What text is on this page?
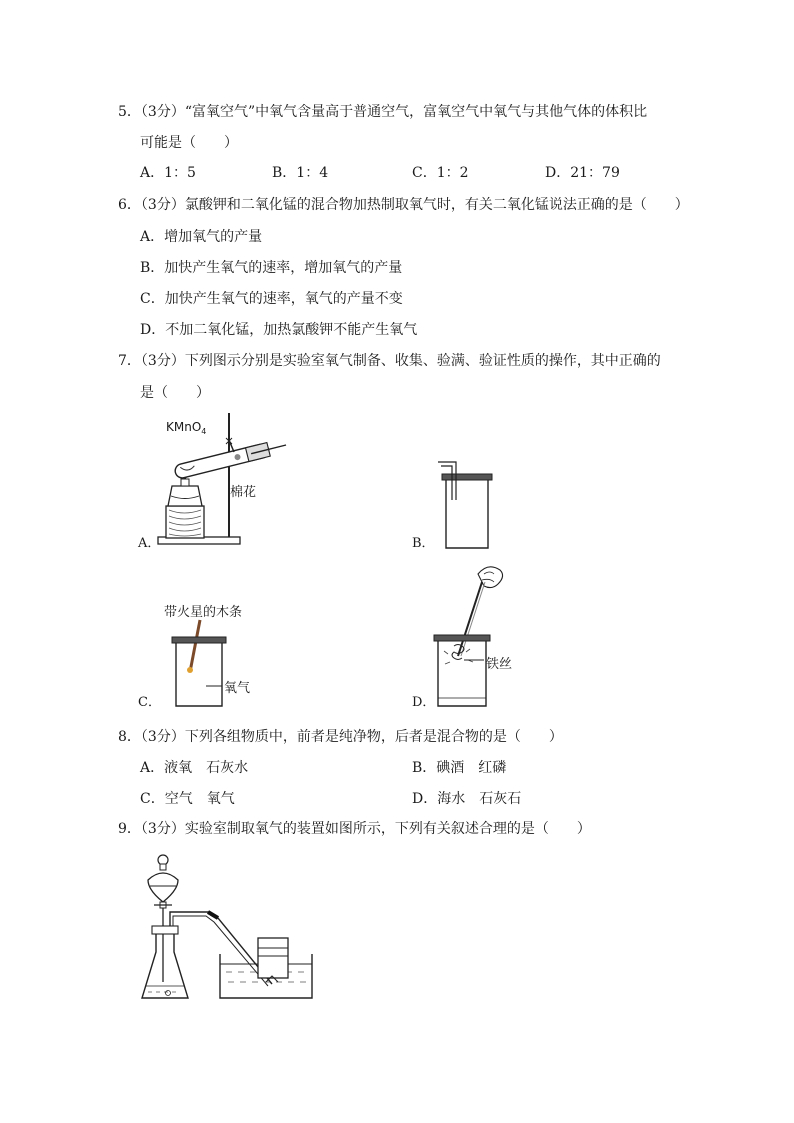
5．（3分）“富氧空气”中氧气含量高于普通空气，富氧空气中氧气与其他气体的体积比
可能是（　　）
A．1：5	B．1：4	C．1：2	D．21：79
6．（3分）氯酸钾和二氧化锰的混合物加热制取氧气时，有关二氧化锰说法正确的是（　　）
A．增加氧气的产量
B．加快产生氧气的速率，增加氧气的产量
C．加快产生氧气的速率，氧气的产量不变
D．不加二氧化锰，加热氯酸钾不能产生氧气
7．（3分）下列图示分别是实验室氧气制备、收集、验满、验证性质的操作，其中正确的
是（　　）
KMnO$_4$
棉花
A．	B．
带火星的木条
氧气
C．
铁丝
D．
8．（3分）下列各组物质中，前者是纯净物，后者是混合物的是（　　）
A．液氧　石灰水	B．碘酒　红磷
C．空气　氧气	D．海水　石灰石
9．（3分）实验室制取氧气的装置如图所示，下列有关叙述合理的是（　　）
